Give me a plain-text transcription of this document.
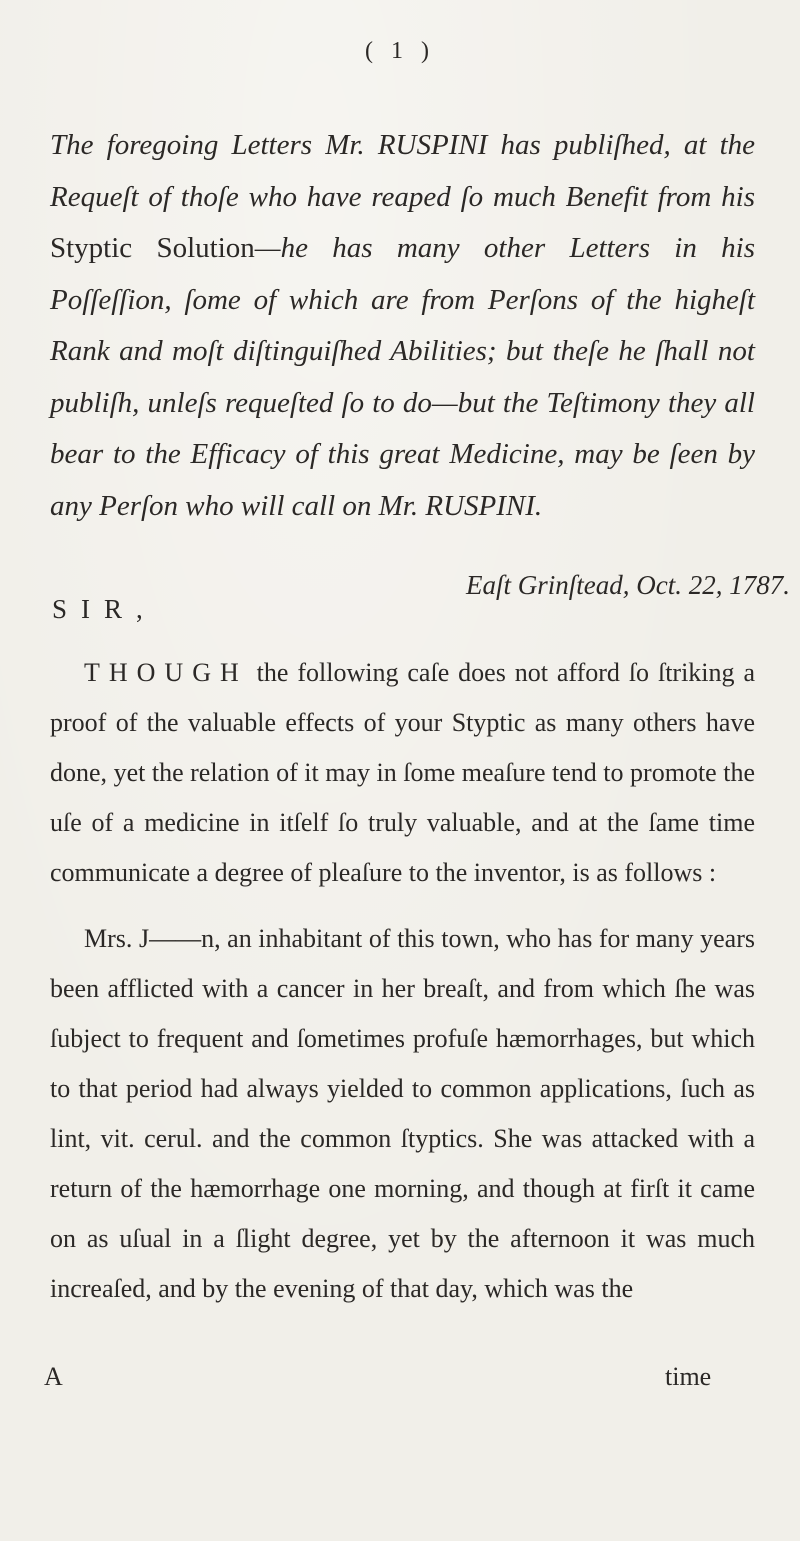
( 1 )
The foregoing Letters Mr. RUSPINI has publiſhed, at the Requeſt of thoſe who have reaped ſo much Benefit from his Styptic Solution—he has many other Letters in his Poſſeſſion, ſome of which are from Perſons of the higheſt Rank and moſt diſtinguiſhed Abilities; but theſe he ſhall not publiſh, unleſs requeſted ſo to do—but the Teſtimony they all bear to the Efficacy of this great Medicine, may be ſeen by any Perſon who will call on Mr. RUSPINI.
Eaſt Grinſtead, Oct. 22, 1787.
SIR,

THOUGH the following caſe does not afford ſo ſtriking a proof of the valuable effects of your Styptic as many others have done, yet the relation of it may in ſome meaſure tend to promote the uſe of a medicine in itſelf ſo truly valuable, and at the ſame time communicate a degree of pleaſure to the inventor, is as follows :

Mrs. J——n, an inhabitant of this town, who has for many years been afflicted with a cancer in her breaſt, and from which ſhe was ſubject to frequent and ſometimes profuſe hæmorrhages, but which to that period had always yielded to common applications, ſuch as lint, vit. cerul. and the common ſtyptics. She was attacked with a return of the hæmorrhage one morning, and though at firſt it came on as uſual in a ſlight degree, yet by the afternoon it was much increaſed, and by the evening of that day, which was the

A	time
